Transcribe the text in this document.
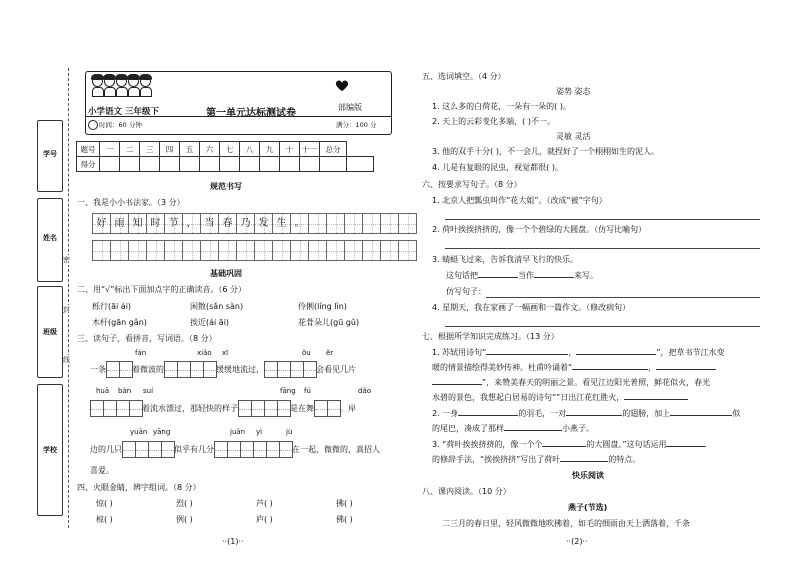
学号
姓名
班级
学校
密
封
线
小学语文 三年级下	第一单元达标测试卷
部编版
时间：60 分钟	满分：100 分
题号	一	二	三	四	五	六	七	八	九	十	十一	总分	
得分													
规范书写
一、我是小小书法家。（3 分）
好 雨 知 时 节 ， 当 春 乃 发 生 。
基础巩固
二、用“√”标出下面加点字的正确读音。（6 分）
栎行(āi ái)	闲散(sǎn sàn)	伶俐(líng lìn)
木杆(gān gǎn)	挨近(ái āi)	花骨朵儿(gū gǔ)
三、读句子，看拼音，写词语。（8 分）
fán	xiǎo xī	ǒu ěr
一条	着微波的	缓缓地流过，	会看见几片
huā bàn suí	fāng fú	dǎo
着流水漂过，那轻快的样子	是在舞	。岸
yuān yāng	juān yì	jù
边的几只	似乎有几分	在一起，微微的，真招人
喜爱。
四、火眼金睛，辨字组词。（8 分）
惊( )	烈( )	芦( )	拂( )
椋( )	例( )	庐( )	佛( )
··(1)··
五、选词填空。（4 分）
姿势 姿态
1. 这么多的白荷花，一朵有一朵的( )。
2. 天上的云彩变化多端，( )不一。
灵敏 灵活
3. 他的双手十分( )，不一会儿，就捏好了一个栩栩如生的泥人。
4. 儿是有复眼的昆虫，视觉都很( )。
六、按要求写句子。（8 分）
1. 北京人把瓢虫叫作“花大姐”。（改成“被”字句）
2. 荷叶挨挨挤挤的，像一个个碧绿的大圆盘。（仿写比喻句）
3. 蜻蜓飞过来，告诉我清早飞行的快乐。
这句话把	当作	来写。
仿写句子：
4. 星期天，我在家画了一幅画和一篇作文。（修改病句）
七、根据所学知识完成练习。（13 分）
1. 苏轼用诗句“	，	”，把草书节江水变
暖的情景描绘得美妙传神。杜甫吟诵着“	，
”，来赞美春天的明丽之景。看见江边阳光普照，鲜花似火，春光
水碧的景色，我想起白居易的诗句“”日出江花红胜火，
2. 一身	的羽毛，一对	的翅膀，加上	似
的尾巴，凑成了那样	小燕子。
3. “荷叶挨挨挤挤的，像一个个	的大圆盘。”这句话运用
的修辞手法，“挨挨挤挤”写出了荷叶	的特点。
快乐阅读
八、课内阅读。（10 分）
燕子(节选)
二三月的春日里，轻风微微地吹拂着，如毛的细雨由天上洒落着，千条
··(2)··
